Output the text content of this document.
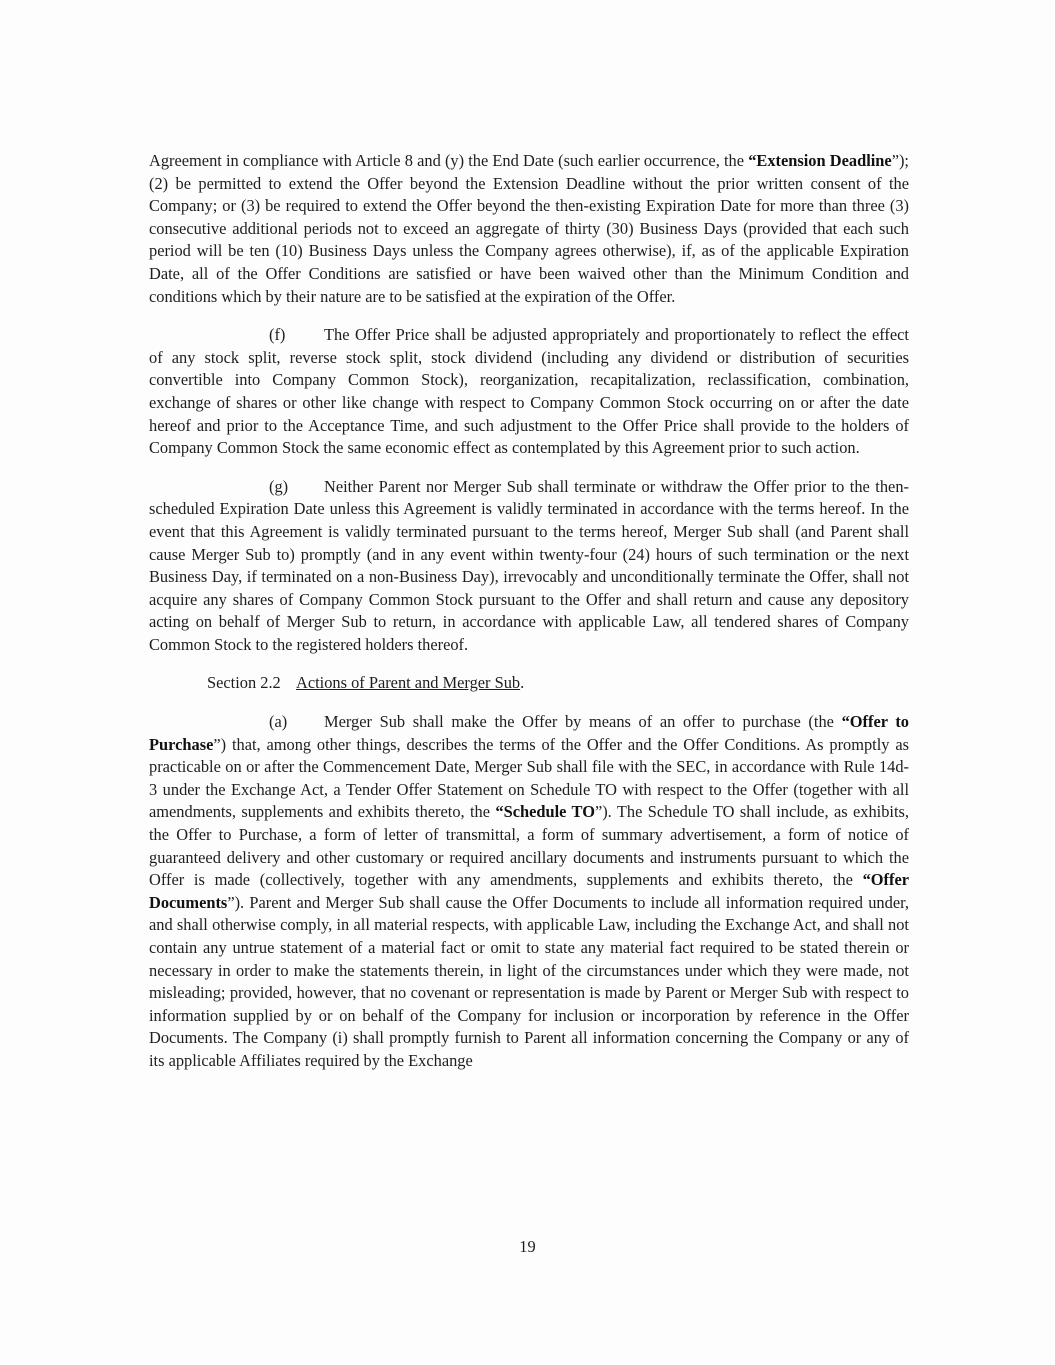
Agreement in compliance with Article 8 and (y) the End Date (such earlier occurrence, the “Extension Deadline”); (2) be permitted to extend the Offer beyond the Extension Deadline without the prior written consent of the Company; or (3) be required to extend the Offer beyond the then-existing Expiration Date for more than three (3) consecutive additional periods not to exceed an aggregate of thirty (30) Business Days (provided that each such period will be ten (10) Business Days unless the Company agrees otherwise), if, as of the applicable Expiration Date, all of the Offer Conditions are satisfied or have been waived other than the Minimum Condition and conditions which by their nature are to be satisfied at the expiration of the Offer.

(f) The Offer Price shall be adjusted appropriately and proportionately to reflect the effect of any stock split, reverse stock split, stock dividend (including any dividend or distribution of securities convertible into Company Common Stock), reorganization, recapitalization, reclassification, combination, exchange of shares or other like change with respect to Company Common Stock occurring on or after the date hereof and prior to the Acceptance Time, and such adjustment to the Offer Price shall provide to the holders of Company Common Stock the same economic effect as contemplated by this Agreement prior to such action.

(g) Neither Parent nor Merger Sub shall terminate or withdraw the Offer prior to the then-scheduled Expiration Date unless this Agreement is validly terminated in accordance with the terms hereof. In the event that this Agreement is validly terminated pursuant to the terms hereof, Merger Sub shall (and Parent shall cause Merger Sub to) promptly (and in any event within twenty-four (24) hours of such termination or the next Business Day, if terminated on a non-Business Day), irrevocably and unconditionally terminate the Offer, shall not acquire any shares of Company Common Stock pursuant to the Offer and shall return and cause any depository acting on behalf of Merger Sub to return, in accordance with applicable Law, all tendered shares of Company Common Stock to the registered holders thereof.

Section 2.2 Actions of Parent and Merger Sub.

(a) Merger Sub shall make the Offer by means of an offer to purchase (the “Offer to Purchase”) that, among other things, describes the terms of the Offer and the Offer Conditions. As promptly as practicable on or after the Commencement Date, Merger Sub shall file with the SEC, in accordance with Rule 14d-3 under the Exchange Act, a Tender Offer Statement on Schedule TO with respect to the Offer (together with all amendments, supplements and exhibits thereto, the “Schedule TO”). The Schedule TO shall include, as exhibits, the Offer to Purchase, a form of letter of transmittal, a form of summary advertisement, a form of notice of guaranteed delivery and other customary or required ancillary documents and instruments pursuant to which the Offer is made (collectively, together with any amendments, supplements and exhibits thereto, the “Offer Documents”). Parent and Merger Sub shall cause the Offer Documents to include all information required under, and shall otherwise comply, in all material respects, with applicable Law, including the Exchange Act, and shall not contain any untrue statement of a material fact or omit to state any material fact required to be stated therein or necessary in order to make the statements therein, in light of the circumstances under which they were made, not misleading; provided, however, that no covenant or representation is made by Parent or Merger Sub with respect to information supplied by or on behalf of the Company for inclusion or incorporation by reference in the Offer Documents. The Company (i) shall promptly furnish to Parent all information concerning the Company or any of its applicable Affiliates required by the Exchange

19
